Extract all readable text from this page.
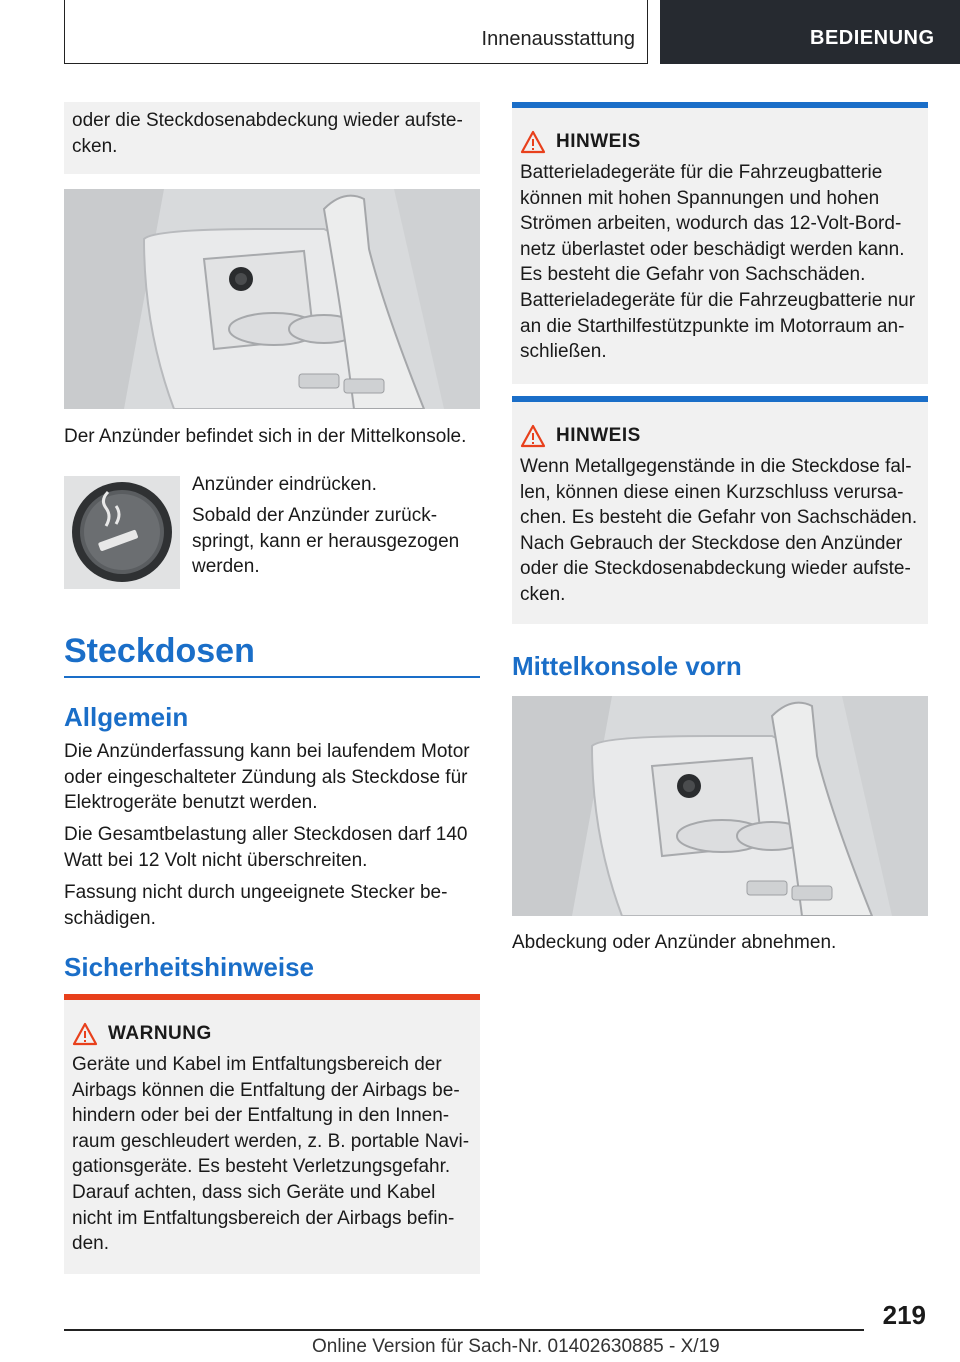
Innenausstattung	BEDIENUNG

oder die Steckdosenabdeckung wieder aufstecken.

Der Anzünder befindet sich in der Mittelkonsole.

Anzünder eindrücken.

Sobald der Anzünder zurückspringt, kann er herausgezogen werden.

Steckdosen
Allgemein

Die Anzünderfassung kann bei laufendem Motor oder eingeschalteter Zündung als Steckdose für Elektrogeräte benutzt werden.

Die Gesamtbelastung aller Steckdosen darf 140 Watt bei 12 Volt nicht überschreiten.

Fassung nicht durch ungeeignete Stecker beschädigen.

Sicherheitshinweise
WARNUNG

Geräte und Kabel im Entfaltungsbereich der Airbags können die Entfaltung der Airbags behindern oder bei der Entfaltung in den Innenraum geschleudert werden, z. B. portable Navigationsgeräte. Es besteht Verletzungsgefahr. Darauf achten, dass sich Geräte und Kabel nicht im Entfaltungsbereich der Airbags befinden.

HINWEIS

Batterieladegeräte für die Fahrzeugbatterie können mit hohen Spannungen und hohen Strömen arbeiten, wodurch das 12-Volt-Bordnetz überlastet oder beschädigt werden kann. Es besteht die Gefahr von Sachschäden. Batterieladegeräte für die Fahrzeugbatterie nur an die Starthilfestützpunkte im Motorraum anschließen.

HINWEIS

Wenn Metallgegenstände in die Steckdose fallen, können diese einen Kurzschluss verursachen. Es besteht die Gefahr von Sachschäden. Nach Gebrauch der Steckdose den Anzünder oder die Steckdosenabdeckung wieder aufstecken.

Mittelkonsole vorn

Abdeckung oder Anzünder abnehmen.

219
Online Version für Sach-Nr. 01402630885 - X/19
